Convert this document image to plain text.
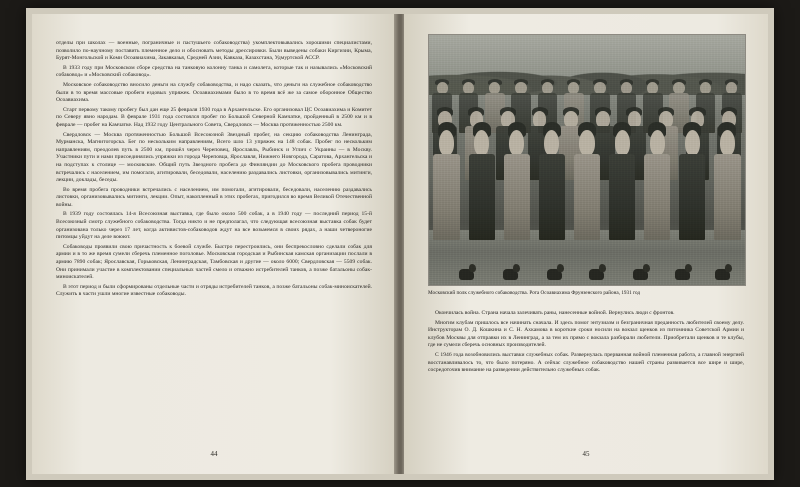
отделы при школах — военные, пограничные и пастушьего собаководства) укомплектовывались хорошими специалистами, позволило по-научному поставить племенное дело и обосновать методы дрессировки. Были выведены собаки Киргизии, Крыма, Бурят-Монгольской и Коми Осоавиахима, Закавказья, Средней Азии, Кавказа, Казахстана, Удмуртской АССР.

В 1933 году при Московском сборе средства на танковую колонну танка и самолета, которые так и назывались «Московский собаковод» и «Московский собаковод».

Московское собаководство вносило деньги на службу собаководства, и надо сказать, что деньги на служебное собаководство были в то время массовые пробеги ездовых упряжек. Осоавиахимами было в то время всё же за самое оборонное Общество Осоавиахима.

Старт первому такому пробегу был дан еще 25 февраля 1930 года в Архангельске. Его организовал ЦС Осоавиахима и Комитет по Северу явно народам. В феврале 1931 года состоялся пробег по Большой Северной Камчатке, пройденный в 2500 км и в феврале — пробег на Камчатке. Над 1932 году Центрального Совета, Свердловск — Москва протяженностью 2500 км.

Свердловск — Москва протяженностью Большой Всесоюзной Звездный пробег, на секцию собаководства Ленинграда, Мурманска, Магнитогорска. Бег по нескольким направлениям, Всего шло 13 упряжек на 148 собак. Пробег по нескольким направлениям, преодолев путь в 2500 км, прошёл через Череповец, Ярославль, Рыбинск и Углич с Украины — в Москву. Участники пути и нами присоединялись упряжки из города Череповца, Ярославля, Нижнего Новгорода, Саратова, Архангельска и на подступах к столице — московские. Общий путь Звездного пробега до Финляндии до Московского пробега проводники встречались с населением, им помогали, агитировали, беседовали, населению раздавались листовки, организовывались митинги, лекции, доклады, беседы.

Во время пробега проводники встречались с населением, им помогали, агитировали, беседовали, населению раздавались листовки, организовывались митинги, лекции. Опыт, накопленный в этих пробегах, пригодился во время Великой Отечественной войны.

В 1939 году состоялась 14-я Всесоюзная выставка, где было около 500 собак, а в 1940 году — последний период 15-й Всесоюзный смотр служебного собаководства. Тогда никто и не предполагал, что следующая всесоюзная выставка собак будет организована только через 17 лет, когда активистов-собаководов ждут на все возьмемся в своих рядах, а наши четвероногие питомцы уйдут на деле воюют.

Собаководы проявили свою причастность к боевой службе. Быстро перестроились, они беспрекословно сделали собак для армии и в то же время сумели сберечь племенное поголовье. Московская городская и Рыбинская камская организации послали в армию 7890 собак; Ярославская, Горьковская, Ленинградская, Тамбовская и другие — около 6000; Свердловская — 5509 собак. Они принимали участие в комплектовании специальных частей смело и отважно истребителей танков, а позже батальоны собак-миноискателей.

В этот период и были сформированы отдельные части и отряды истребителей танков, а позже батальоны собак-миноискателей. Служить в части ушли многие известные собаководы.

44
Московский полк служебного собаководства. Рота Осоавиахима Фрунзенского района, 1931 год

Окончилась война. Страна начала залечивать раны, нанесенные войной. Вернулись люди с фронтов.

Многим клубам пришлось все начинать сначала. И здесь помог энтузиазм и безграничная преданность любителей своему делу. Инструкторам О. Д. Кошкина и С. Н. Ахкамова в короткие сроки носили на вокзал щенков из питомника Советской Армии и клубов Москвы для отправки их в Ленинград, а за тем их прямо с вокзала разбирали любители. Приобретали щенков и те клубы, где не сумели сберечь основных производителей.

С 1946 года возобновились выставки служебных собак. Развернулась прерванная войной племенная работа, а главной энергией восстанавливалось то, что было потеряно. А сейчас служебное собаководство нашей страны развивается все шире и шире, сосредоточив внимание на разведении действительно служебных собак.

45
